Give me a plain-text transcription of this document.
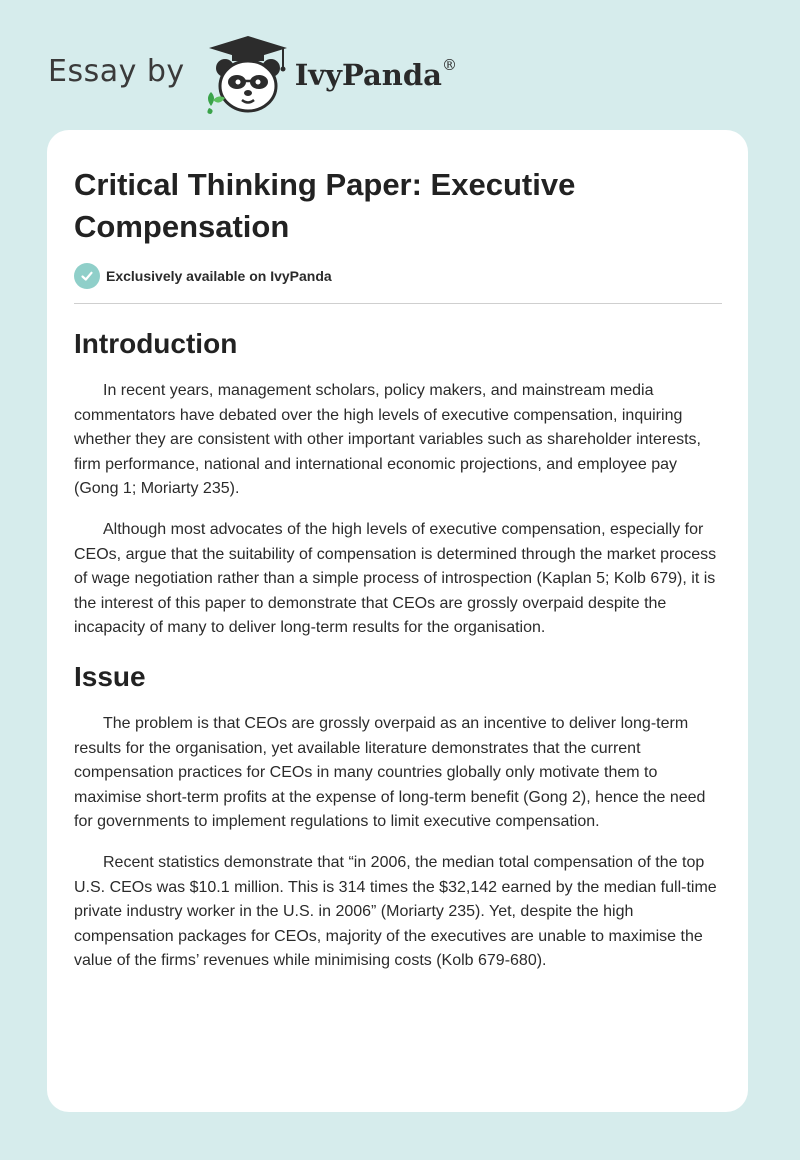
Essay by	IvyPanda®
Critical Thinking Paper: Executive Compensation
Exclusively available on IvyPanda
Introduction

In recent years, management scholars, policy makers, and mainstream media commentators have debated over the high levels of executive compensation, inquiring whether they are consistent with other important variables such as shareholder interests, firm performance, national and international economic projections, and employee pay (Gong 1; Moriarty 235).

Although most advocates of the high levels of executive compensation, especially for CEOs, argue that the suitability of compensation is determined through the market process of wage negotiation rather than a simple process of introspection (Kaplan 5; Kolb 679), it is the interest of this paper to demonstrate that CEOs are grossly overpaid despite the incapacity of many to deliver long-term results for the organisation.

Issue

The problem is that CEOs are grossly overpaid as an incentive to deliver long-term results for the organisation, yet available literature demonstrates that the current compensation practices for CEOs in many countries globally only motivate them to maximise short-term profits at the expense of long-term benefit (Gong 2), hence the need for governments to implement regulations to limit executive compensation.

Recent statistics demonstrate that “in 2006, the median total compensation of the top U.S. CEOs was $10.1 million. This is 314 times the $32,142 earned by the median full-time private industry worker in the U.S. in 2006” (Moriarty 235). Yet, despite the high compensation packages for CEOs, majority of the executives are unable to maximise the value of the firms’ revenues while minimising costs (Kolb 679-680).
